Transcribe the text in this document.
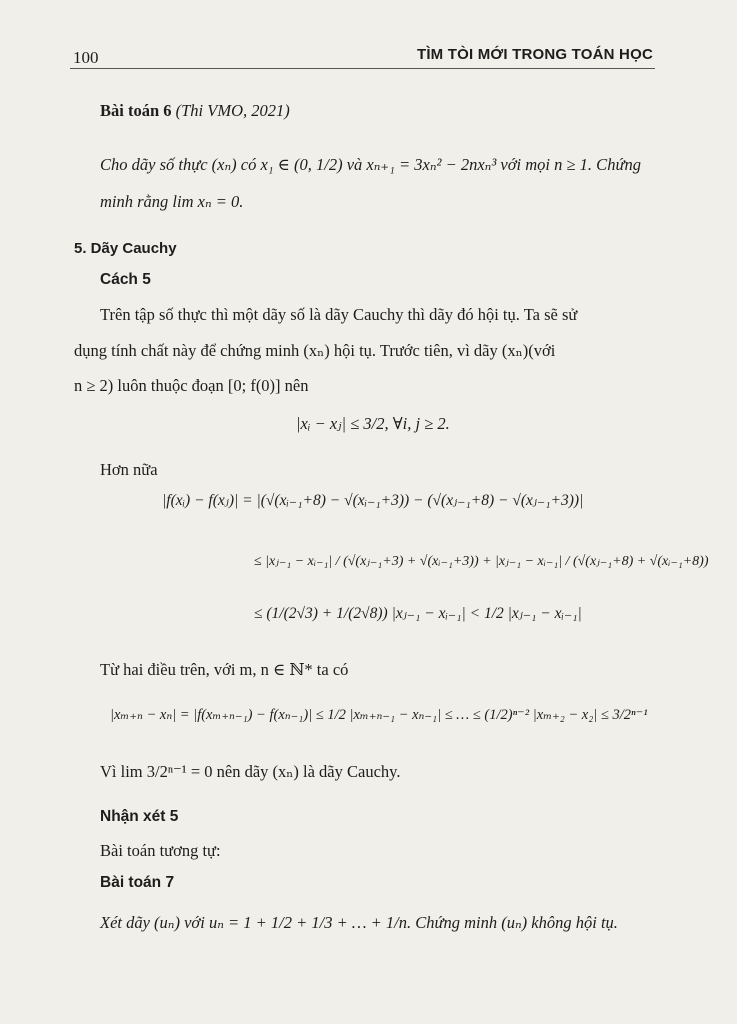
100	TÌM TÒI MỚI TRONG TOÁN HỌC
Bài toán 6 (Thi VMO, 2021)
Cho dãy số thực (xₙ) có x₁ ∈ (0, 1/2) và xₙ₊₁ = 3xₙ² − 2nxₙ³ với mọi n ≥ 1. Chứng
minh rằng lim xₙ = 0.
5. Dãy Cauchy
Cách 5
Trên tập số thực thì một dãy số là dãy Cauchy thì dãy đó hội tụ. Ta sẽ sử
dụng tính chất này để chứng minh (xₙ) hội tụ. Trước tiên, vì dãy (xₙ)(với
n ≥ 2) luôn thuộc đoạn [0; f(0)] nên
|xᵢ − xⱼ| ≤ 3/2, ∀i, j ≥ 2.
Hơn nữa
|f(xᵢ) − f(xⱼ)| = |(√(xᵢ₋₁+8) − √(xᵢ₋₁+3)) − (√(xⱼ₋₁+8) − √(xⱼ₋₁+3))|
≤ |xⱼ₋₁ − xᵢ₋₁| / (√(xⱼ₋₁+3) + √(xᵢ₋₁+3)) + |xⱼ₋₁ − xᵢ₋₁| / (√(xⱼ₋₁+8) + √(xᵢ₋₁+8))
≤ (1/(2√3) + 1/(2√8)) |xⱼ₋₁ − xᵢ₋₁| < 1/2 |xⱼ₋₁ − xᵢ₋₁|
Từ hai điều trên, với m, n ∈ ℕ* ta có
|xₘ₊ₙ − xₙ| = |f(xₘ₊ₙ₋₁) − f(xₙ₋₁)| ≤ 1/2 |xₘ₊ₙ₋₁ − xₙ₋₁| ≤ … ≤ (1/2)ⁿ⁻² |xₘ₊₂ − x₂| ≤ 3/2ⁿ⁻¹
Vì lim 3/2ⁿ⁻¹ = 0 nên dãy (xₙ) là dãy Cauchy.
Nhận xét 5
Bài toán tương tự:
Bài toán 7
Xét dãy (uₙ) với uₙ = 1 + 1/2 + 1/3 + … + 1/n. Chứng minh (uₙ) không hội tụ.
